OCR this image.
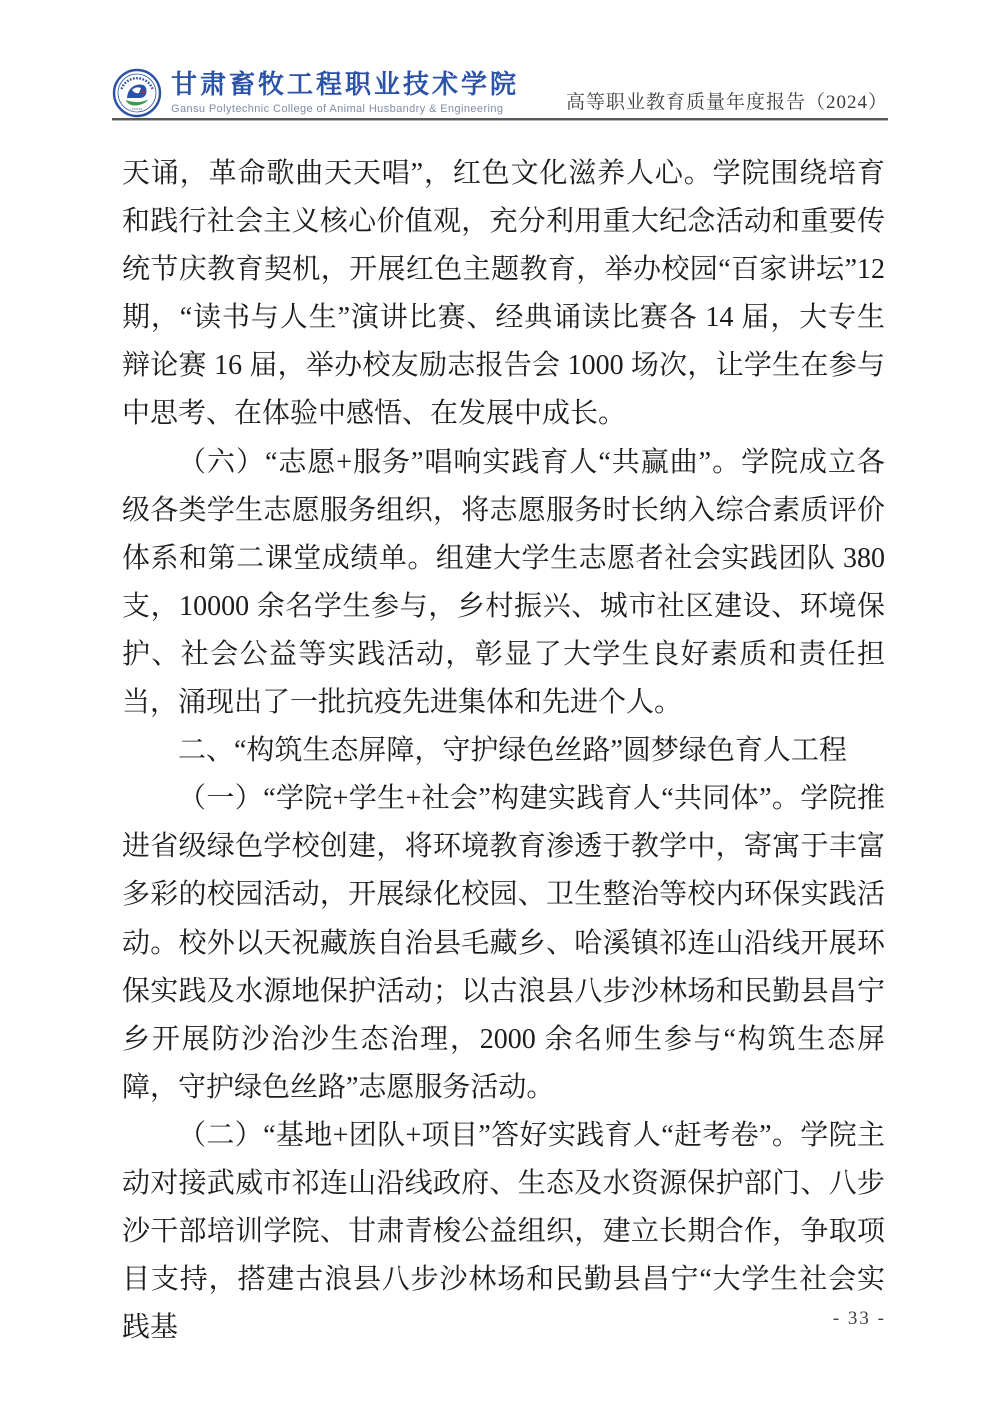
甘肃畜牧工程职业技术学院
Gansu Polytechnic College of Animal Husbandry & Engineering	高等职业教育质量年度报告（2024）

天诵，革命歌曲天天唱”，红色文化滋养人心。学院围绕培育和践行社会主义核心价值观，充分利用重大纪念活动和重要传统节庆教育契机，开展红色主题教育，举办校园“百家讲坛”12 期，“读书与人生”演讲比赛、经典诵读比赛各 14 届，大专生辩论赛 16 届，举办校友励志报告会 1000 场次，让学生在参与中思考、在体验中感悟、在发展中成长。

（六）“志愿+服务”唱响实践育人“共赢曲”。学院成立各级各类学生志愿服务组织，将志愿服务时长纳入综合素质评价体系和第二课堂成绩单。组建大学生志愿者社会实践团队 380 支，10000 余名学生参与，乡村振兴、城市社区建设、环境保护、社会公益等实践活动，彰显了大学生良好素质和责任担当，涌现出了一批抗疫先进集体和先进个人。

二、“构筑生态屏障，守护绿色丝路”圆梦绿色育人工程

（一）“学院+学生+社会”构建实践育人“共同体”。学院推进省级绿色学校创建，将环境教育渗透于教学中，寄寓于丰富多彩的校园活动，开展绿化校园、卫生整治等校内环保实践活动。校外以天祝藏族自治县毛藏乡、哈溪镇祁连山沿线开展环保实践及水源地保护活动；以古浪县八步沙林场和民勤县昌宁乡开展防沙治沙生态治理，2000 余名师生参与“构筑生态屏障，守护绿色丝路”志愿服务活动。

（二）“基地+团队+项目”答好实践育人“赶考卷”。学院主动对接武威市祁连山沿线政府、生态及水资源保护部门、八步沙干部培训学院、甘肃青梭公益组织，建立长期合作，争取项目支持，搭建古浪县八步沙林场和民勤县昌宁“大学生社会实践基	- 33 -
